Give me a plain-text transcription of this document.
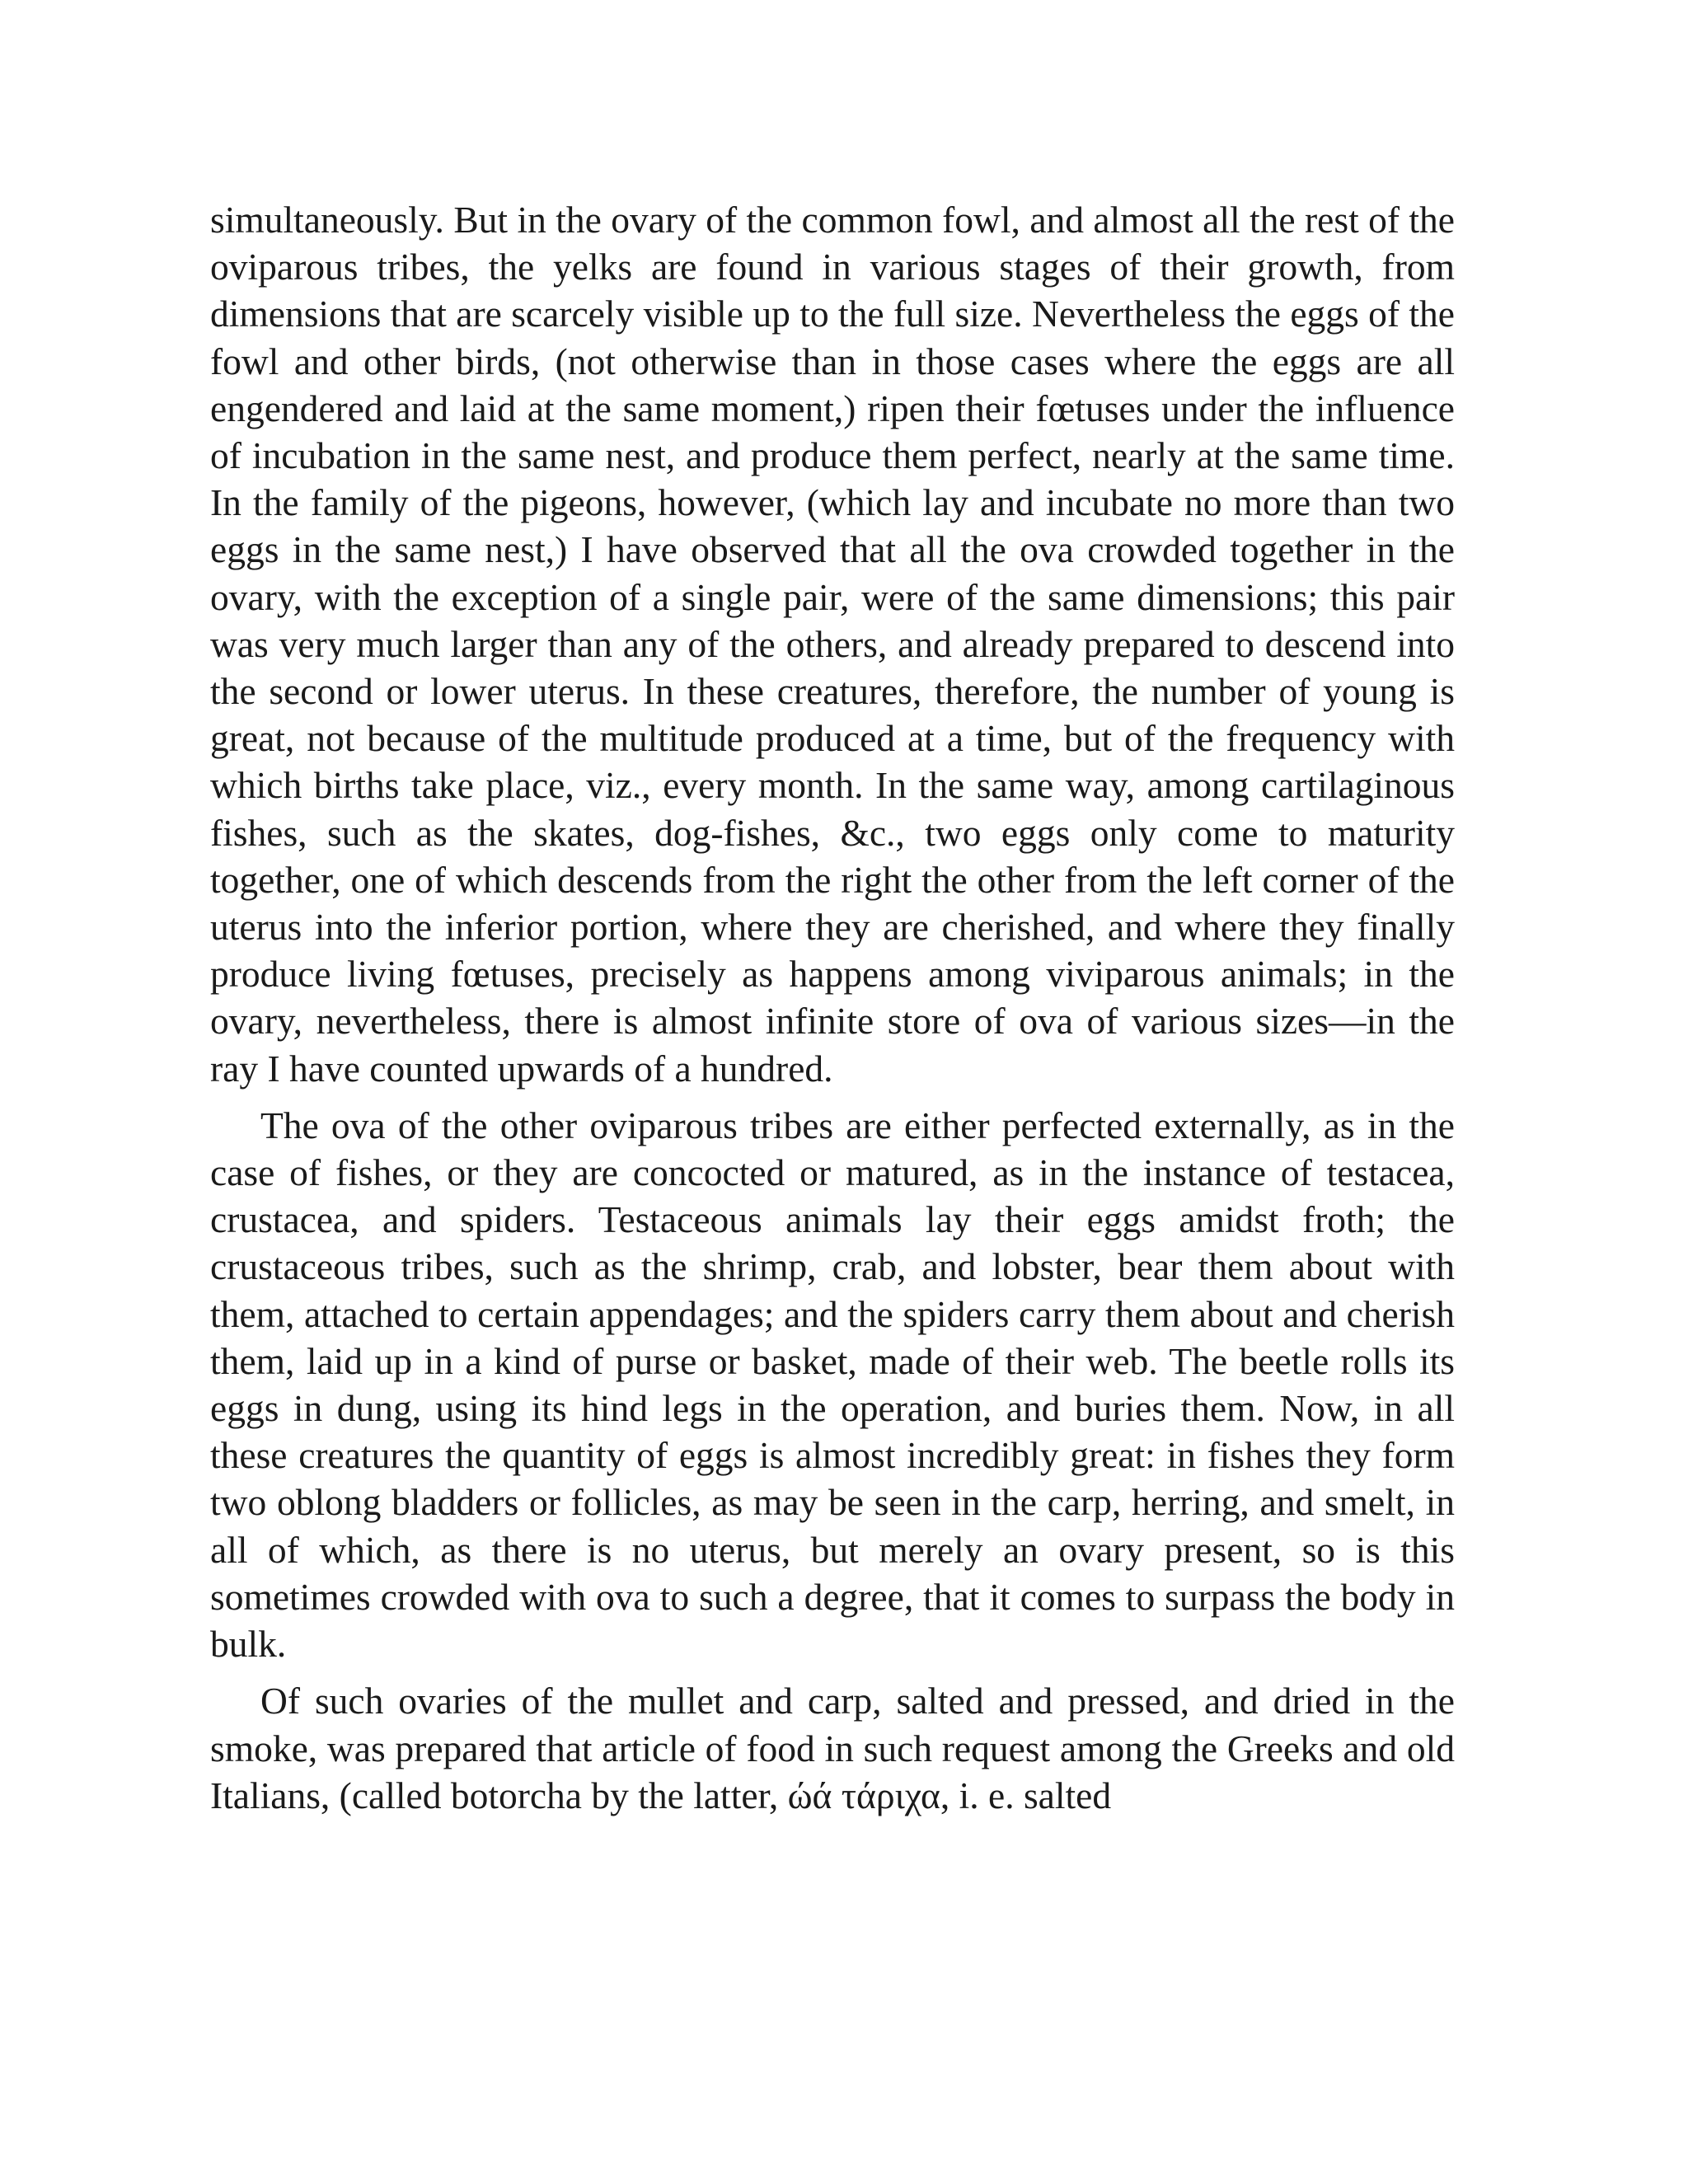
simultaneously. But in the ovary of the common fowl, and almost all the rest of the oviparous tribes, the yelks are found in various stages of their growth, from dimensions that are scarcely visible up to the full size. Nevertheless the eggs of the fowl and other birds, (not otherwise than in those cases where the eggs are all engendered and laid at the same moment,) ripen their fœtuses under the influence of incubation in the same nest, and produce them perfect, nearly at the same time. In the family of the pigeons, however, (which lay and incubate no more than two eggs in the same nest,) I have observed that all the ova crowded together in the ovary, with the exception of a single pair, were of the same dimensions; this pair was very much larger than any of the others, and already prepared to descend into the second or lower uterus. In these creatures, therefore, the number of young is great, not because of the multitude produced at a time, but of the frequency with which births take place, viz., every month. In the same way, among cartilaginous fishes, such as the skates, dog-fishes, &c., two eggs only come to maturity together, one of which descends from the right the other from the left corner of the uterus into the inferior portion, where they are cherished, and where they finally produce living fœtuses, precisely as happens among viviparous animals; in the ovary, nevertheless, there is almost infinite store of ova of various sizes—in the ray I have counted upwards of a hundred.

The ova of the other oviparous tribes are either perfected externally, as in the case of fishes, or they are concocted or matured, as in the instance of testacea, crustacea, and spiders. Testaceous animals lay their eggs amidst froth; the crustaceous tribes, such as the shrimp, crab, and lobster, bear them about with them, attached to certain appendages; and the spiders carry them about and cherish them, laid up in a kind of purse or basket, made of their web. The beetle rolls its eggs in dung, using its hind legs in the operation, and buries them. Now, in all these creatures the quantity of eggs is almost incredibly great: in fishes they form two oblong bladders or follicles, as may be seen in the carp, herring, and smelt, in all of which, as there is no uterus, but merely an ovary present, so is this sometimes crowded with ova to such a degree, that it comes to surpass the body in bulk.

Of such ovaries of the mullet and carp, salted and pressed, and dried in the smoke, was prepared that article of food in such request among the Greeks and old Italians, (called botorcha by the latter, ώά τάριχα, i. e. salted
